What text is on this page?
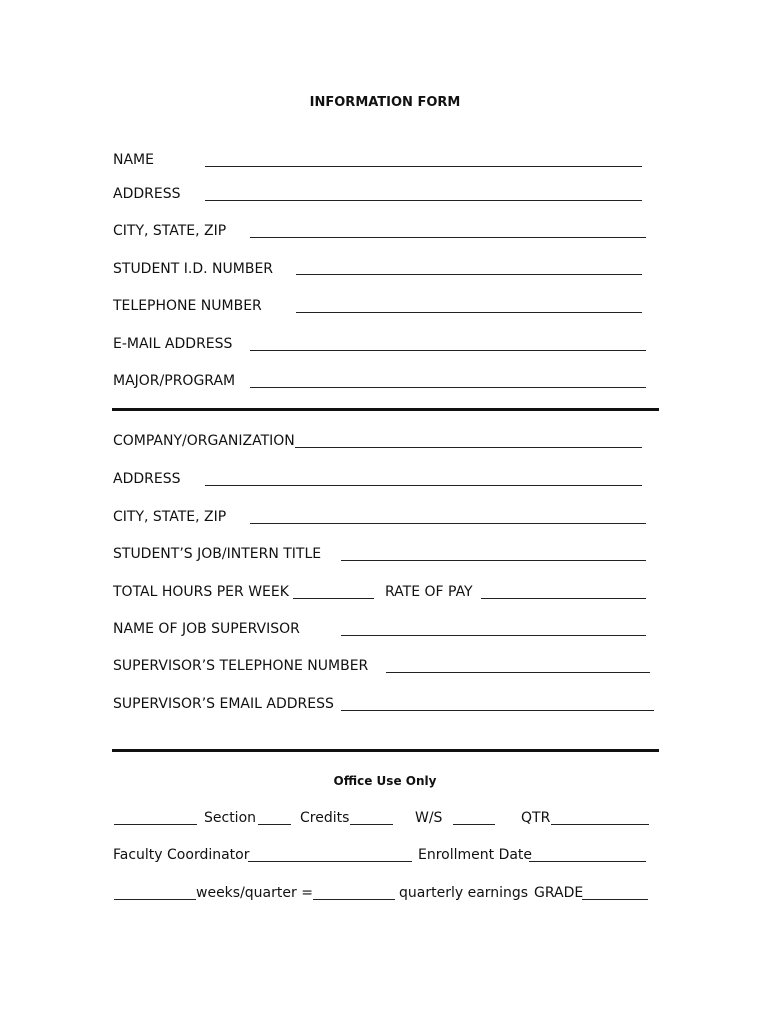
INFORMATION FORM
NAME
ADDRESS
CITY, STATE, ZIP
STUDENT I.D. NUMBER
TELEPHONE NUMBER
E-MAIL ADDRESS
MAJOR/PROGRAM
COMPANY/ORGANIZATION
ADDRESS
CITY, STATE, ZIP
STUDENT’S JOB/INTERN TITLE
TOTAL HOURS PER WEEK	RATE OF PAY
NAME OF JOB SUPERVISOR
SUPERVISOR’S TELEPHONE NUMBER
SUPERVISOR’S EMAIL ADDRESS
Office Use Only
Section	Credits	W/S	QTR
Faculty Coordinator	Enrollment Date
weeks/quarter =	quarterly earnings GRADE
